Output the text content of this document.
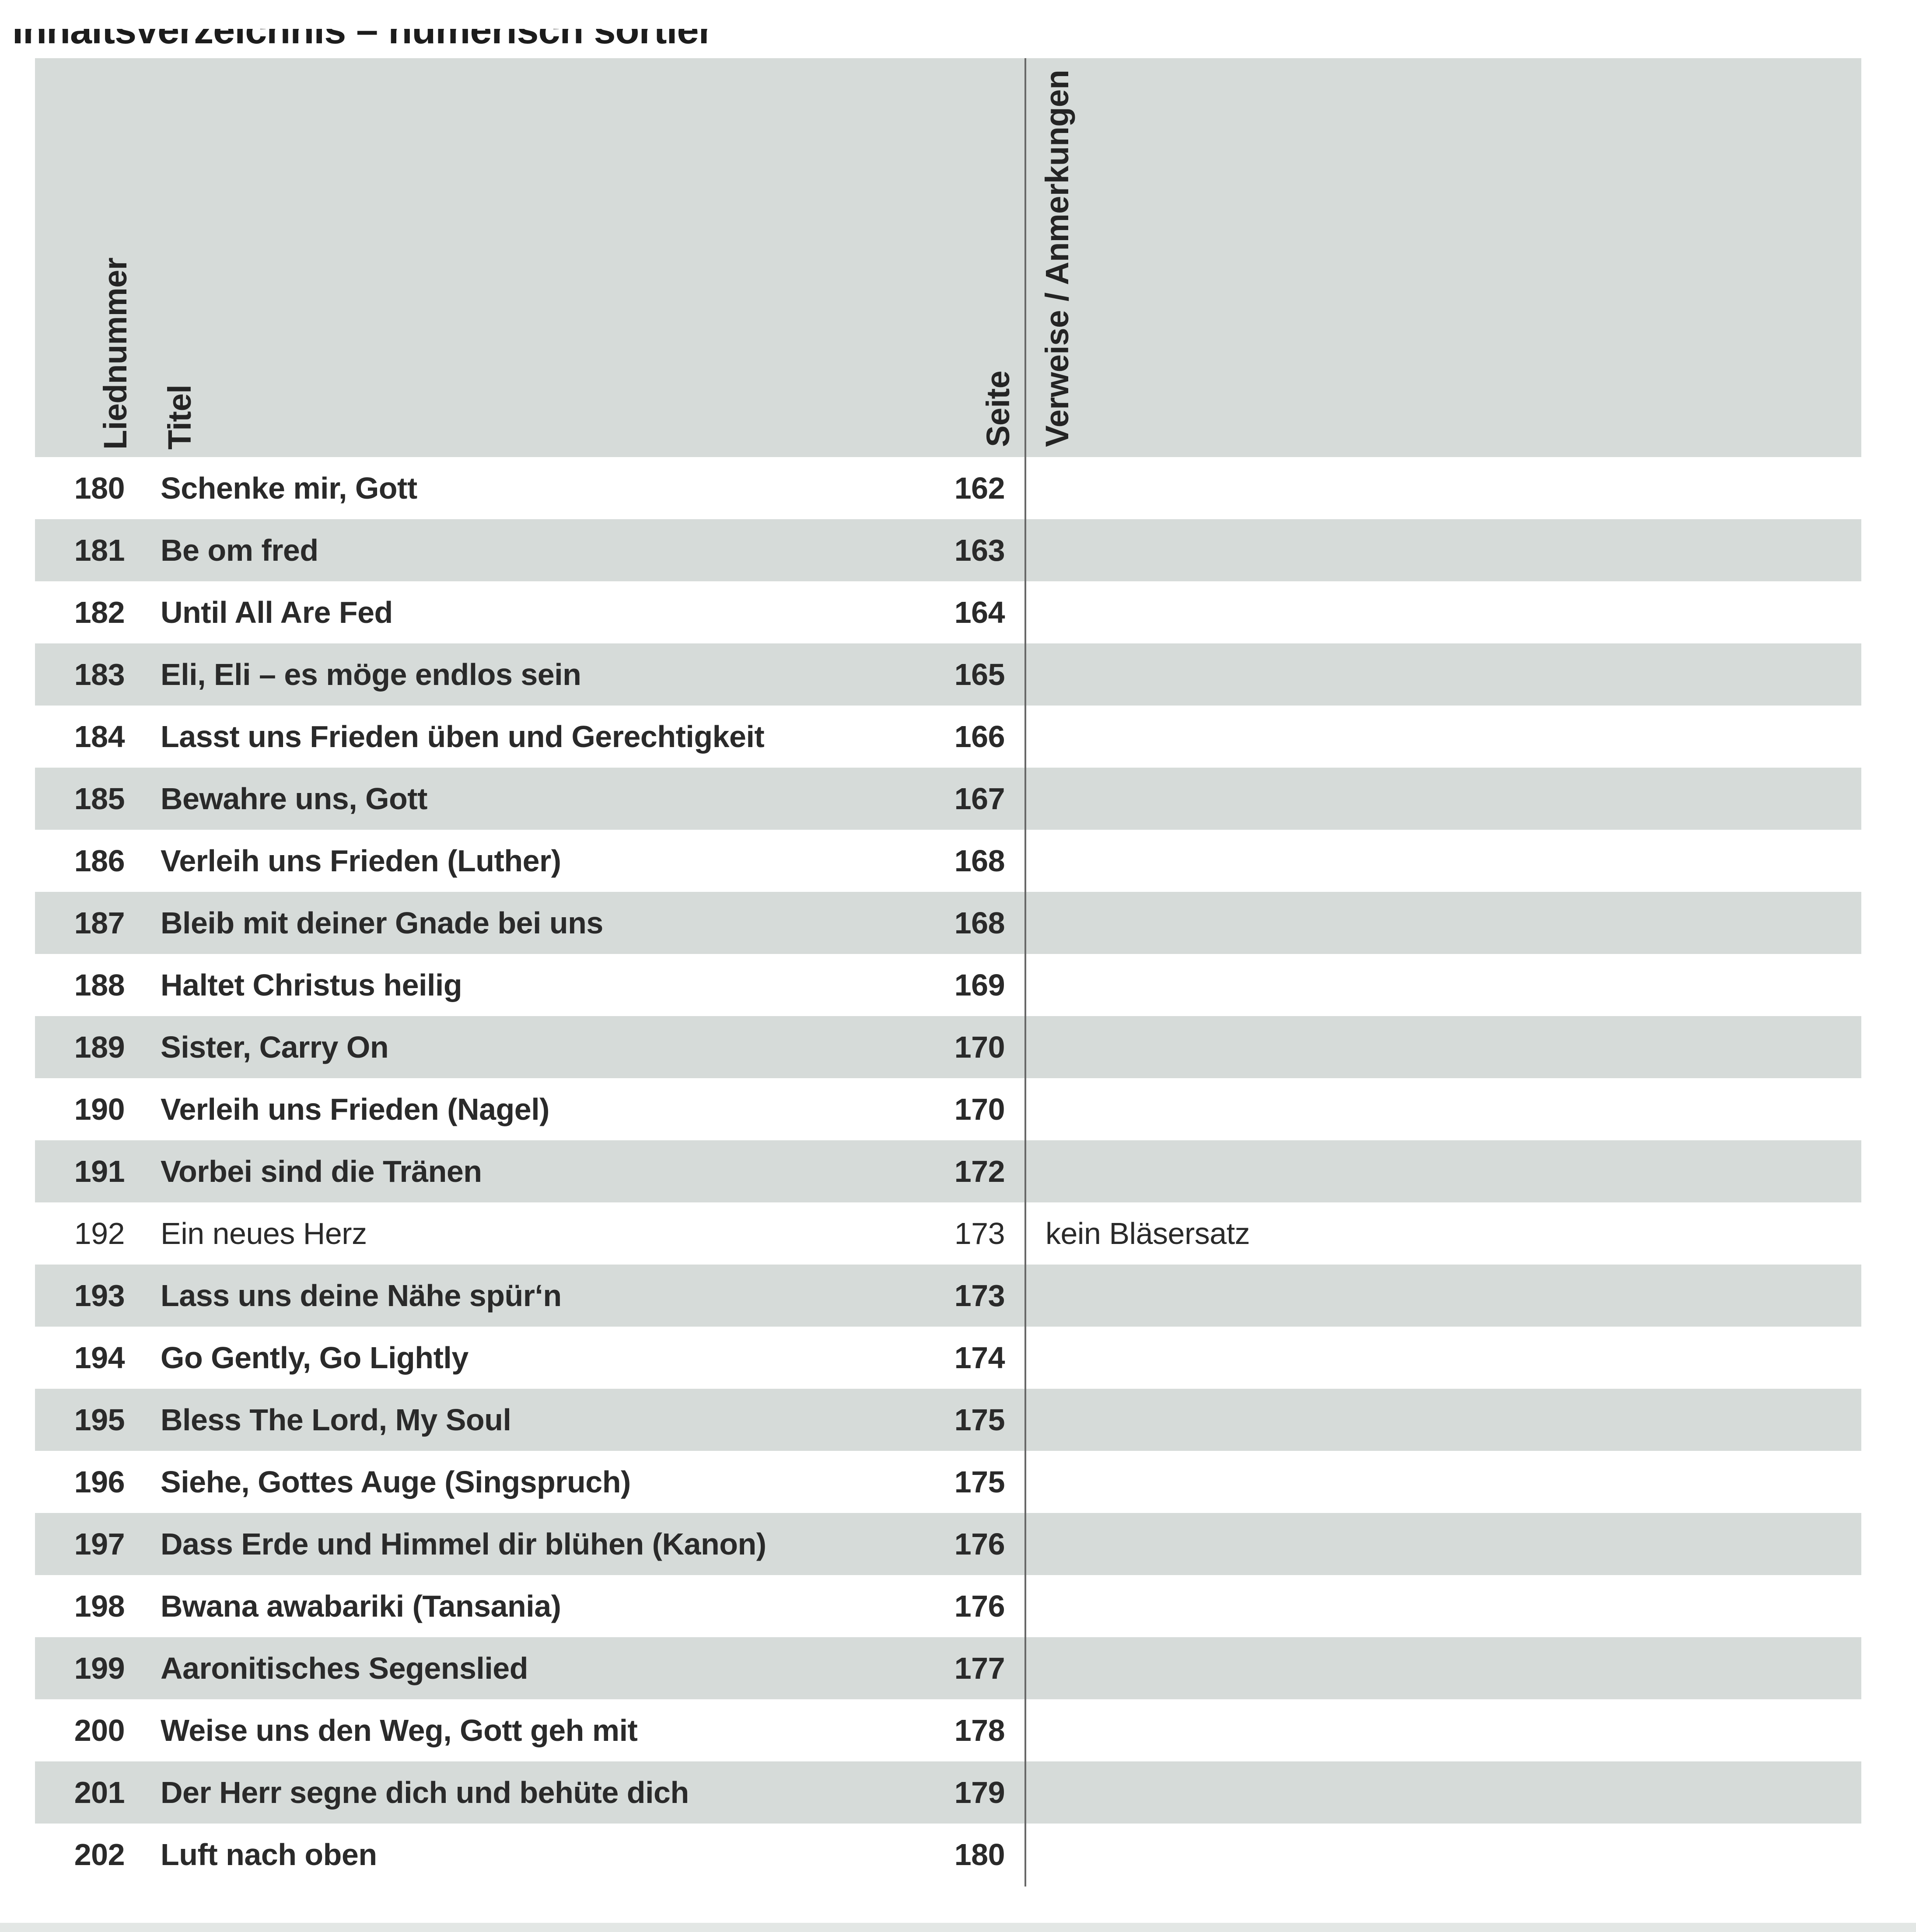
Liednummer Titel	Seite Verweise / Anmerkungen
180 Schenke mir, Gott	162
181 Be om fred	163
182 Until All Are Fed	164
183 Eli, Eli – es möge endlos sein	165
184 Lasst uns Frieden üben und Gerechtigkeit	166
185 Bewahre uns, Gott	167
186 Verleih uns Frieden (Luther)	168
187 Bleib mit deiner Gnade bei uns	168
188 Haltet Christus heilig	169
189 Sister, Carry On	170
190 Verleih uns Frieden (Nagel)	170
191 Vorbei sind die Tränen	172
192 Ein neues Herz	173 kein Bläsersatz
193 Lass uns deine Nähe spür‘n	173
194 Go Gently, Go Lightly	174
195 Bless The Lord, My Soul	175
196 Siehe, Gottes Auge (Singspruch)	175
197 Dass Erde und Himmel dir blühen (Kanon)	176
198 Bwana awabariki (Tansania)	176
199 Aaronitisches Segenslied	177
200 Weise uns den Weg, Gott geh mit	178
201 Der Herr segne dich und behüte dich	179
202 Luft nach oben	180
